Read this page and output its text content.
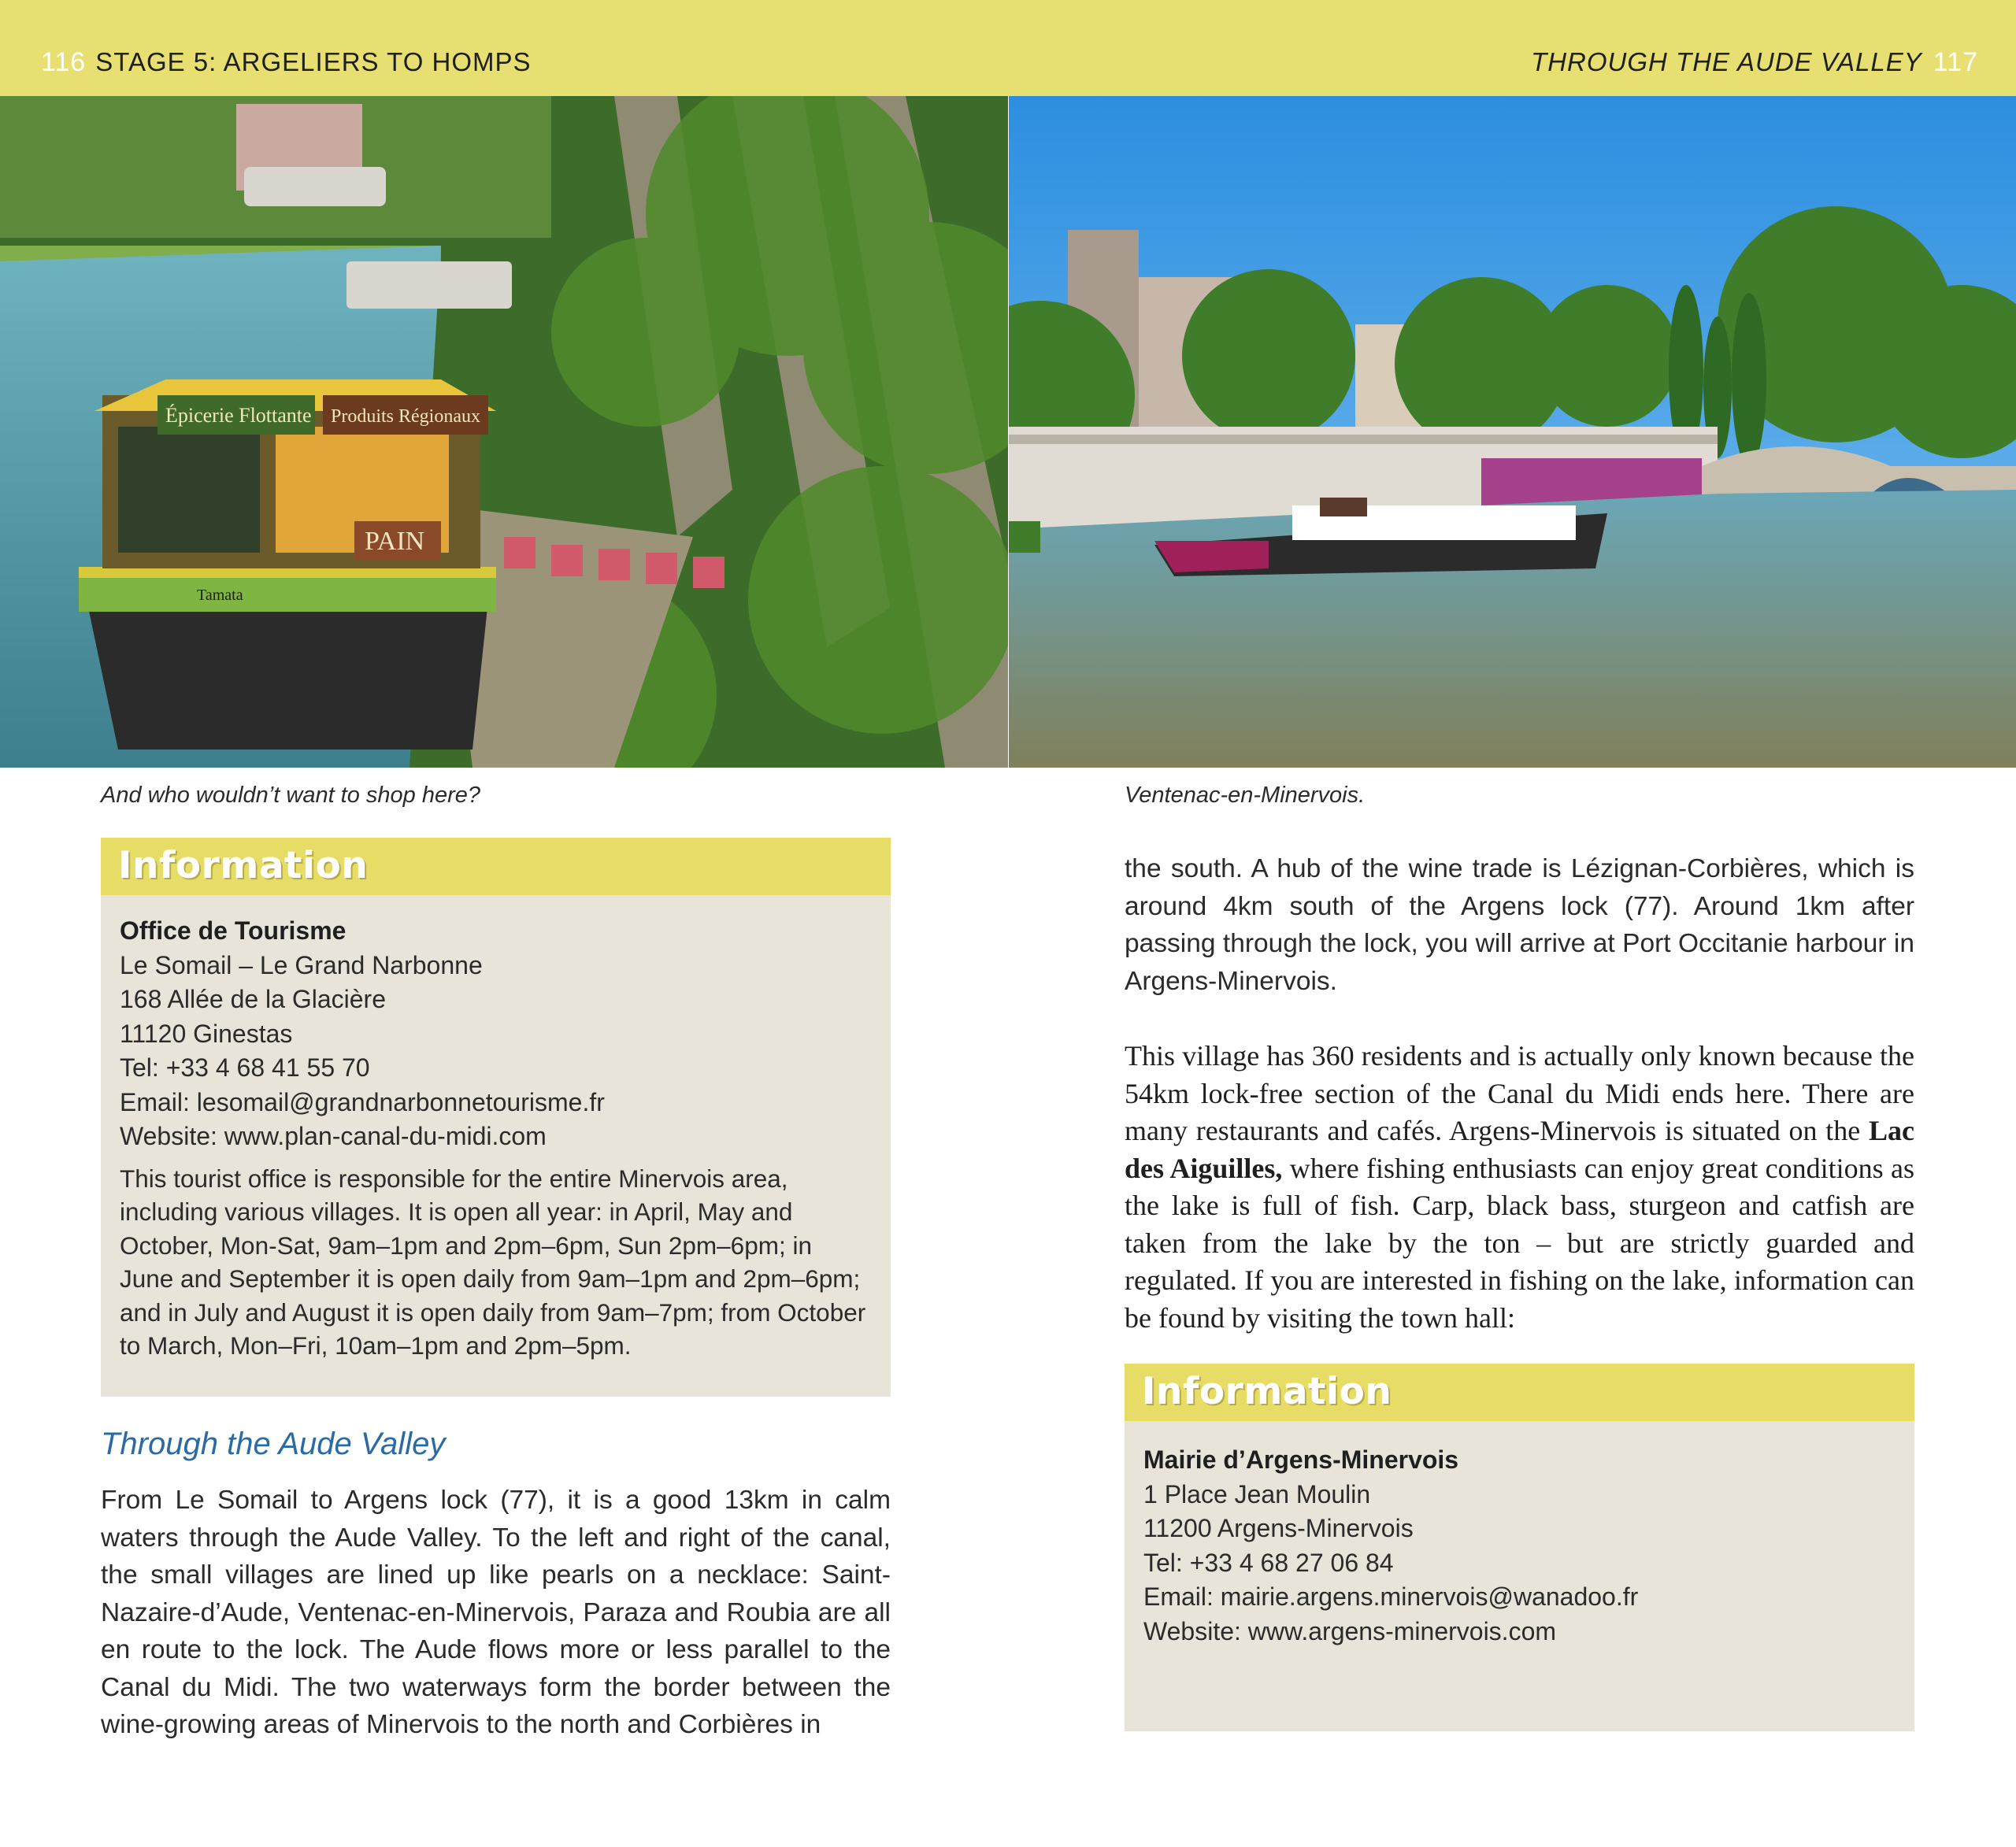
116 STAGE 5: ARGELIERS TO HOMPS	THROUGH THE AUDE VALLEY 117
Épicerie Flottante Produits Régionaux
PAIN
Tamata
And who wouldn’t want to shop here?	Ventenac-en-Minervois.
Information
Office de Tourisme
Le Somail – Le Grand Narbonne
168 Allée de la Glacière
11120 Ginestas
Tel: +33 4 68 41 55 70
Email: lesomail@grandnarbonnetourisme.fr
Website: www.plan-canal-du-midi.com
This tourist office is responsible for the entire Minervois area, including various villages. It is open all year: in April, May and October, Mon-Sat, 9am–1pm and 2pm–6pm, Sun 2pm–6pm; in June and September it is open daily from 9am–1pm and 2pm–6pm; and in July and August it is open daily from 9am–7pm; from October to March, Mon–Fri, 10am–1pm and 2pm–5pm.
Through the Aude Valley
From Le Somail to Argens lock (77), it is a good 13km in calm waters through the Aude Valley. To the left and right of the canal, the small villages are lined up like pearls on a necklace: Saint-Nazaire-d’Aude, Ventenac-en-Minervois, Paraza and Roubia are all en route to the lock. The Aude flows more or less parallel to the Canal du Midi. The two waterways form the border between the wine-growing areas of Minervois to the north and Corbières in
the south. A hub of the wine trade is Lézignan-Corbières, which is around 4km south of the Argens lock (77). Around 1km after passing through the lock, you will arrive at Port Occitanie harbour in Argens-Minervois.
This village has 360 residents and is actually only known because the 54km lock-free section of the Canal du Midi ends here. There are many restaurants and cafés. Argens-Minervois is situated on the Lac des Aiguilles, where fishing enthusiasts can enjoy great conditions as the lake is full of fish. Carp, black bass, sturgeon and catfish are taken from the lake by the ton – but are strictly guarded and regulated. If you are interested in fishing on the lake, information can be found by visiting the town hall:
Information
Mairie d’Argens-Minervois
1 Place Jean Moulin
11200 Argens-Minervois
Tel: +33 4 68 27 06 84
Email: mairie.argens.minervois@wanadoo.fr
Website: www.argens-minervois.com
